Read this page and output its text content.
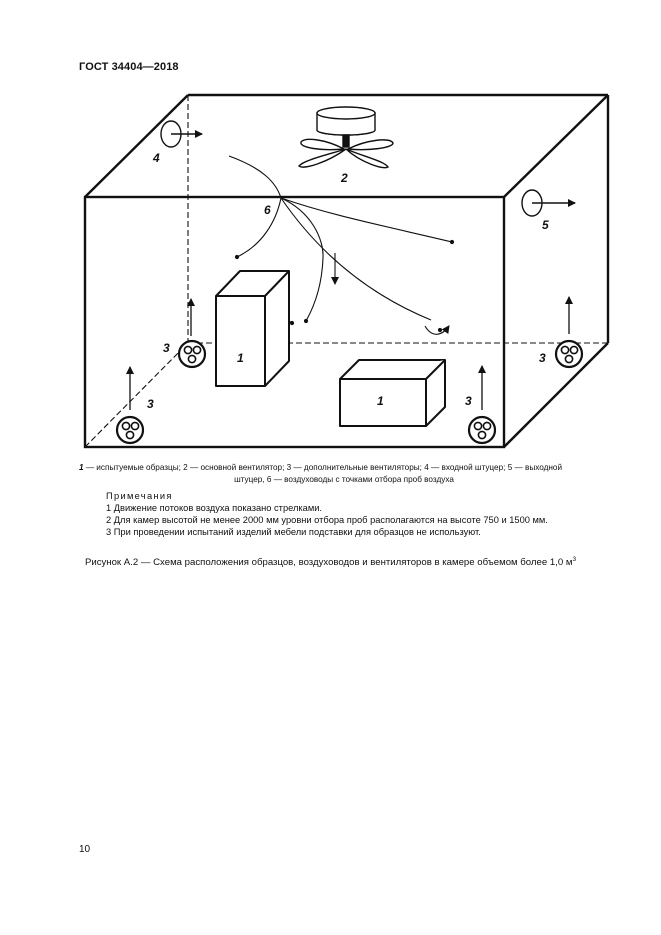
ГОСТ 34404—2018
1
1
2
3
3	3
3
4
5
6
1 — испытуемые образцы; 2 — основной вентилятор; 3 — дополнительные вентиляторы; 4 — входной штуцер; 5 — выходной
штуцер, 6 — воздуховоды с точками отбора проб воздуха
Примечания
1 Движение потоков воздуха показано стрелками.
2 Для камер высотой не менее 2000 мм уровни отбора проб располагаются на высоте 750 и 1500 мм.
3 При проведении испытаний изделий мебели подставки для образцов не используют.
Рисунок А.2 — Схема расположения образцов, воздуховодов и вентиляторов в камере объемом более 1,0 $м^3$
10
